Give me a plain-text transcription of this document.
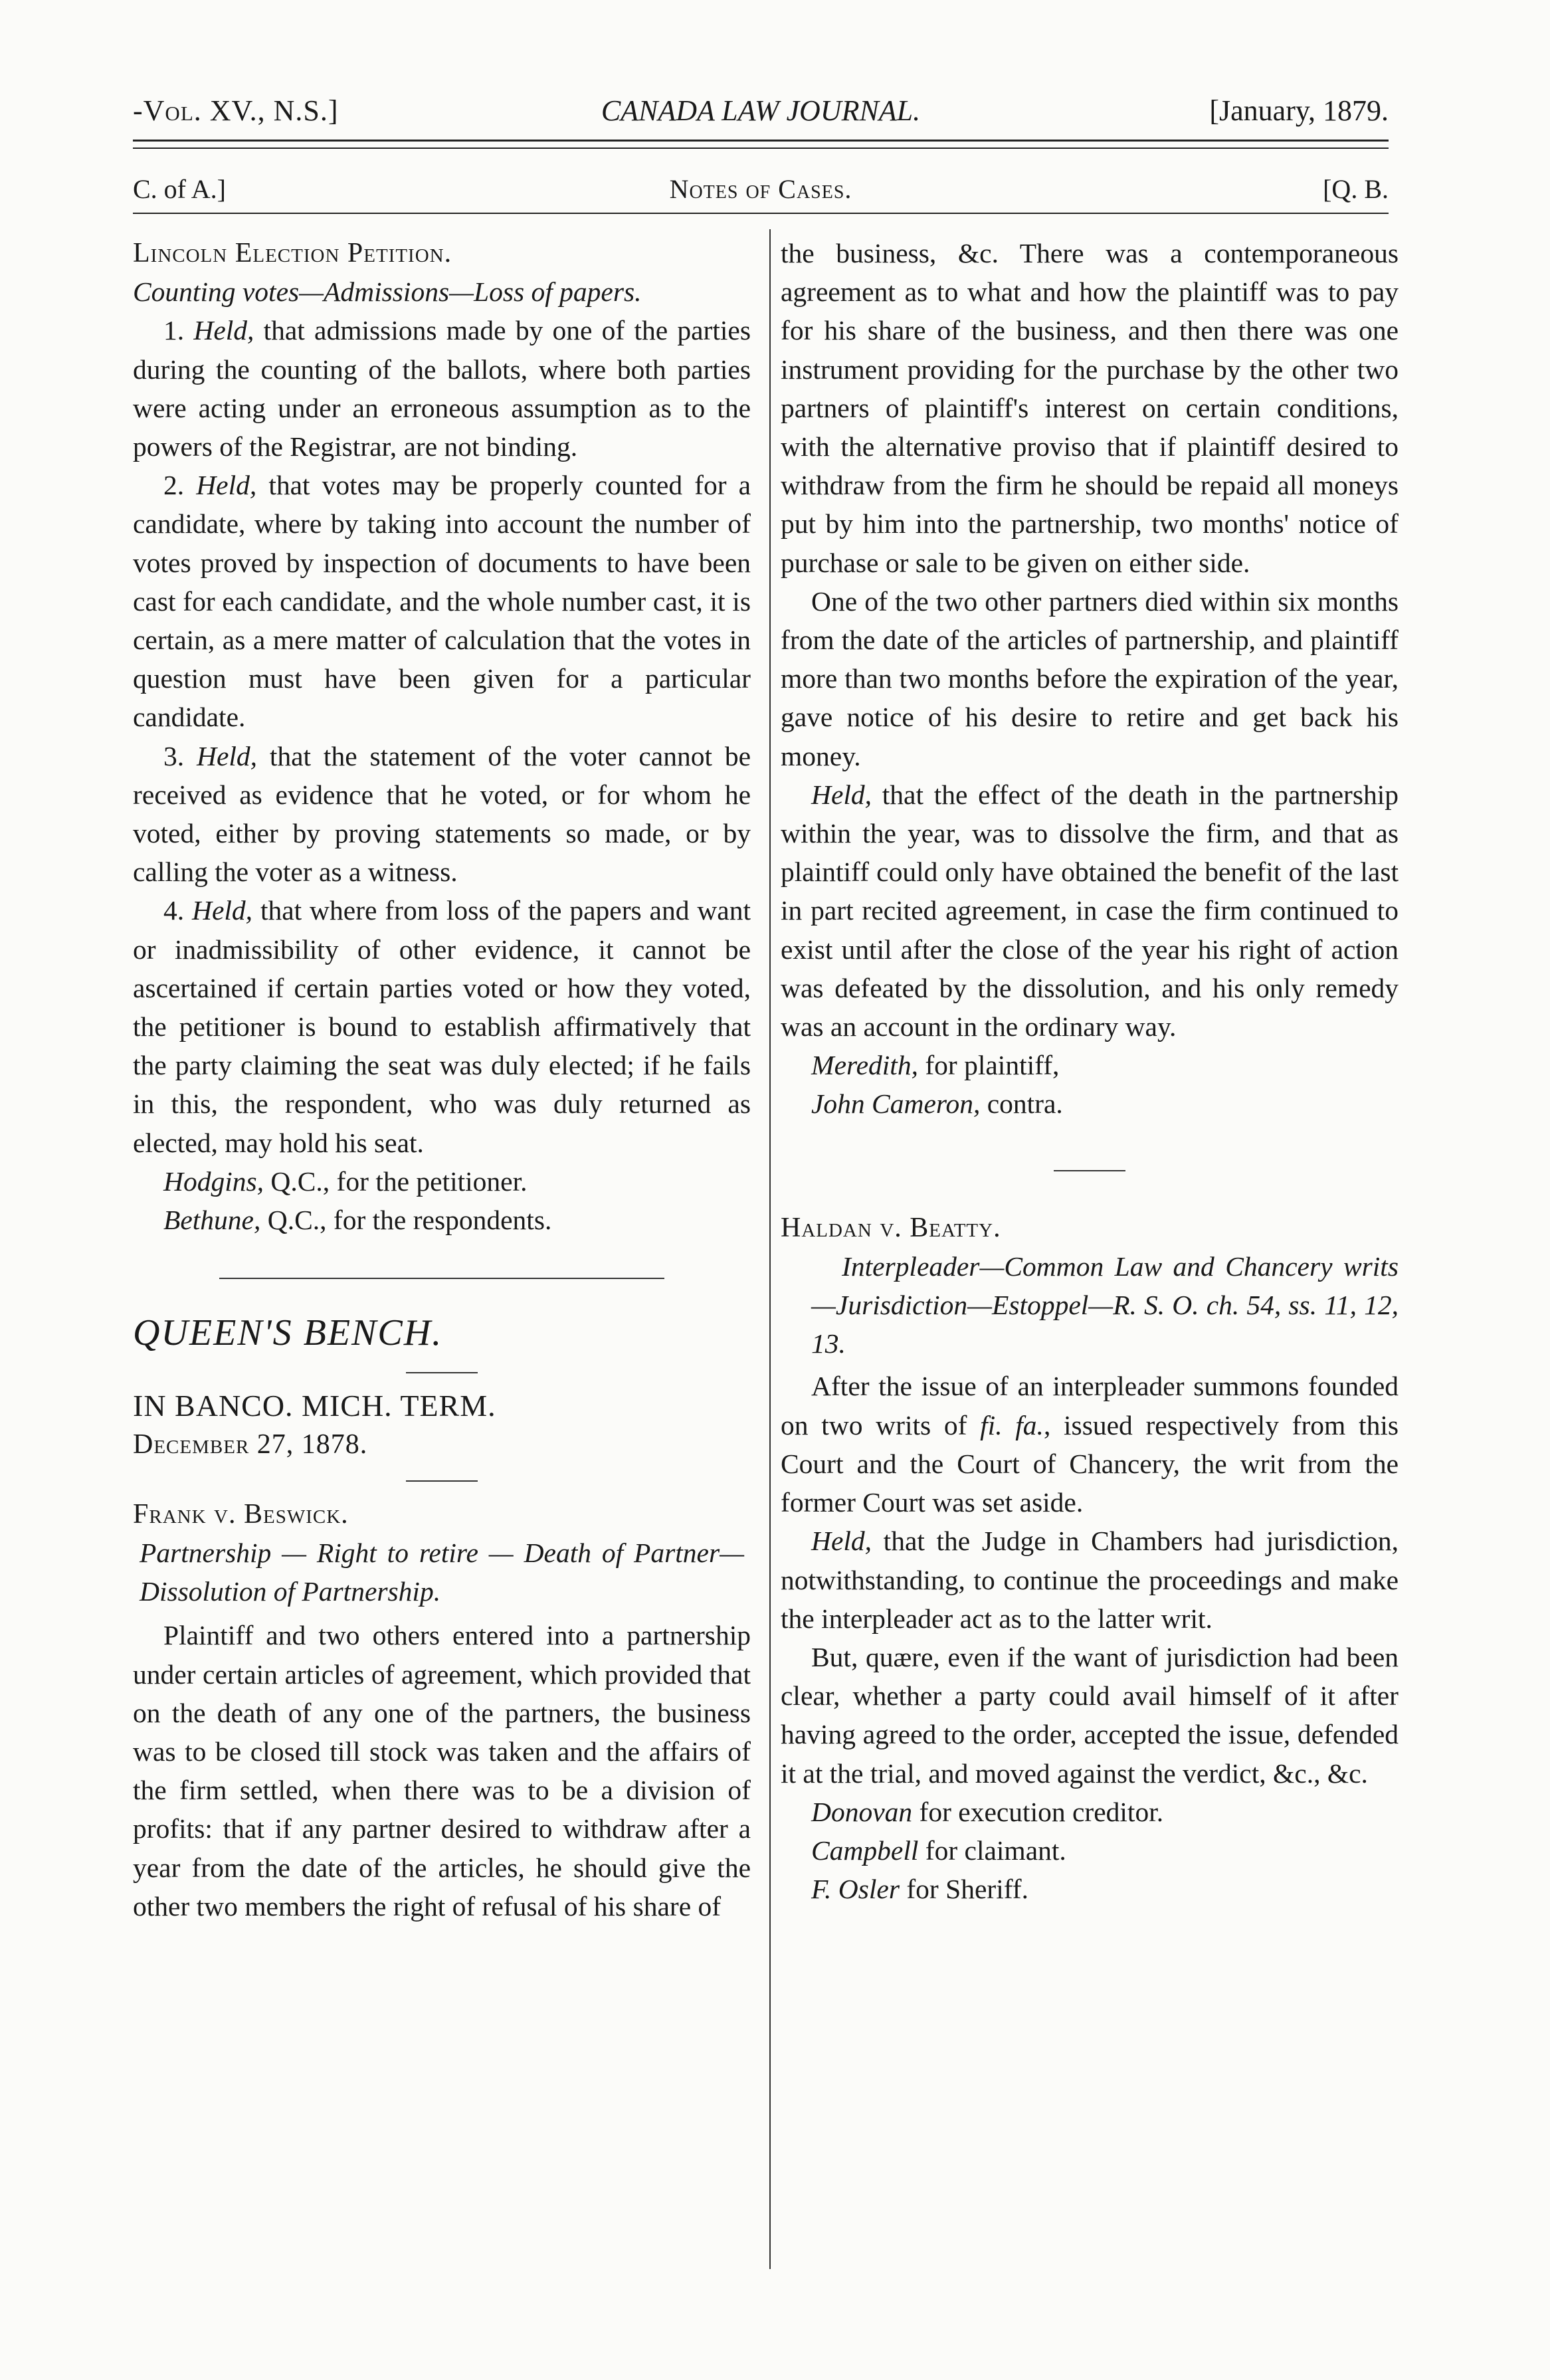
-Vol. XV., N.S.]	CANADA LAW JOURNAL.	[January, 1879.
C. of A.]	Notes of Cases.	[Q. B.

Lincoln Election Petition.

Counting votes—Admissions—Loss of papers.

1. Held, that admissions made by one of the parties during the counting of the ballots, where both parties were acting under an erroneous assumption as to the powers of the Registrar, are not binding.

2. Held, that votes may be properly counted for a candidate, where by taking into account the number of votes proved by inspection of documents to have been cast for each candidate, and the whole number cast, it is certain, as a mere matter of calculation that the votes in question must have been given for a particular candidate.

3. Held, that the statement of the voter cannot be received as evidence that he voted, or for whom he voted, either by proving statements so made, or by calling the voter as a witness.

4. Held, that where from loss of the papers and want or inadmissibility of other evidence, it cannot be ascertained if certain parties voted or how they voted, the petitioner is bound to establish affirmatively that the party claiming the seat was duly elected; if he fails in this, the respondent, who was duly returned as elected, may hold his seat.

Hodgins, Q.C., for the petitioner.

Bethune, Q.C., for the respondents.

QUEEN'S BENCH.

IN BANCO. MICH. TERM.

December 27, 1878.

Frank v. Beswick.

Partnership — Right to retire — Death of Partner—Dissolution of Partnership.

Plaintiff and two others entered into a partnership under certain articles of agreement, which provided that on the death of any one of the partners, the business was to be closed till stock was taken and the affairs of the firm settled, when there was to be a division of profits: that if any partner desired to withdraw after a year from the date of the articles, he should give the other two members the right of refusal of his share of

the business, &c. There was a contemporaneous agreement as to what and how the plaintiff was to pay for his share of the business, and then there was one instrument providing for the purchase by the other two partners of plaintiff's interest on certain conditions, with the alternative proviso that if plaintiff desired to withdraw from the firm he should be repaid all moneys put by him into the partnership, two months' notice of purchase or sale to be given on either side.

One of the two other partners died within six months from the date of the articles of partnership, and plaintiff more than two months before the expiration of the year, gave notice of his desire to retire and get back his money.

Held, that the effect of the death in the partnership within the year, was to dissolve the firm, and that as plaintiff could only have obtained the benefit of the last in part recited agreement, in case the firm continued to exist until after the close of the year his right of action was defeated by the dissolution, and his only remedy was an account in the ordinary way.

Meredith, for plaintiff,

John Cameron, contra.

Haldan v. Beatty.

Interpleader—Common Law and Chancery writs—Jurisdiction—Estoppel—R. S. O. ch. 54, ss. 11, 12, 13.

After the issue of an interpleader summons founded on two writs of fi. fa., issued respectively from this Court and the Court of Chancery, the writ from the former Court was set aside.

Held, that the Judge in Chambers had jurisdiction, notwithstanding, to continue the proceedings and make the interpleader act as to the latter writ.

But, quære, even if the want of jurisdiction had been clear, whether a party could avail himself of it after having agreed to the order, accepted the issue, defended it at the trial, and moved against the verdict, &c., &c.

Donovan for execution creditor.

Campbell for claimant.

F. Osler for Sheriff.
